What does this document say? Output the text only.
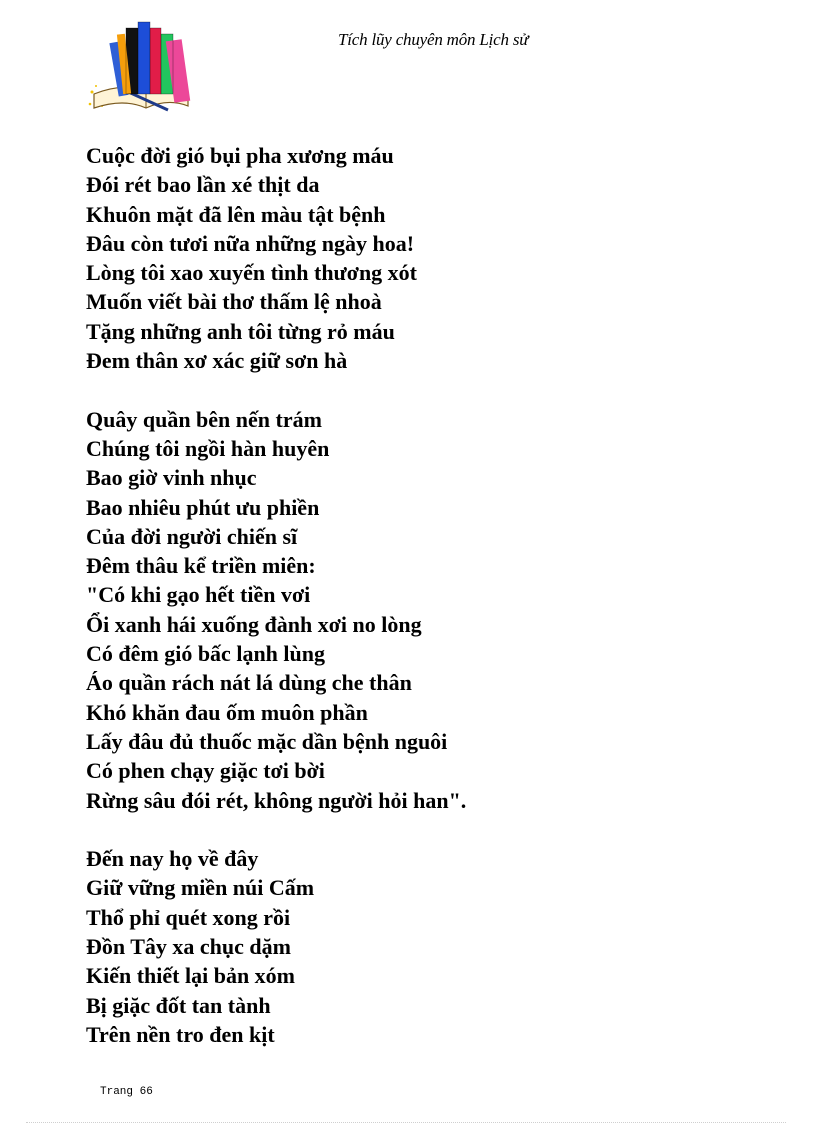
Tích lũy chuyên môn Lịch sử
Cuộc đời gió bụi pha xương máu
Đói rét bao lần xé thịt da
Khuôn mặt đã lên màu tật bệnh
Đâu còn tươi nữa những ngày hoa!
Lòng tôi xao xuyến tình thương xót
Muốn viết bài thơ thấm lệ nhoà
Tặng những anh tôi từng rỏ máu
Đem thân xơ xác giữ sơn hà
Quây quần bên nến trám
Chúng tôi ngồi hàn huyên
Bao giờ vinh nhục
Bao nhiêu phút ưu phiền
Của đời người chiến sĩ
Đêm thâu kể triền miên:
"Có khi gạo hết tiền vơi
Ổi xanh hái xuống đành xơi no lòng
Có đêm gió bấc lạnh lùng
Áo quần rách nát lá dùng che thân
Khó khăn đau ốm muôn phần
Lấy đâu đủ thuốc mặc dần bệnh nguôi
Có phen chạy giặc tơi bời
Rừng sâu đói rét, không người hỏi han".
Đến nay họ về đây
Giữ vững miền núi Cấm
Thổ phỉ quét xong rồi
Đồn Tây xa chục dặm
Kiến thiết lại bản xóm
Bị giặc đốt tan tành
Trên nền tro đen kịt
Trang 66
